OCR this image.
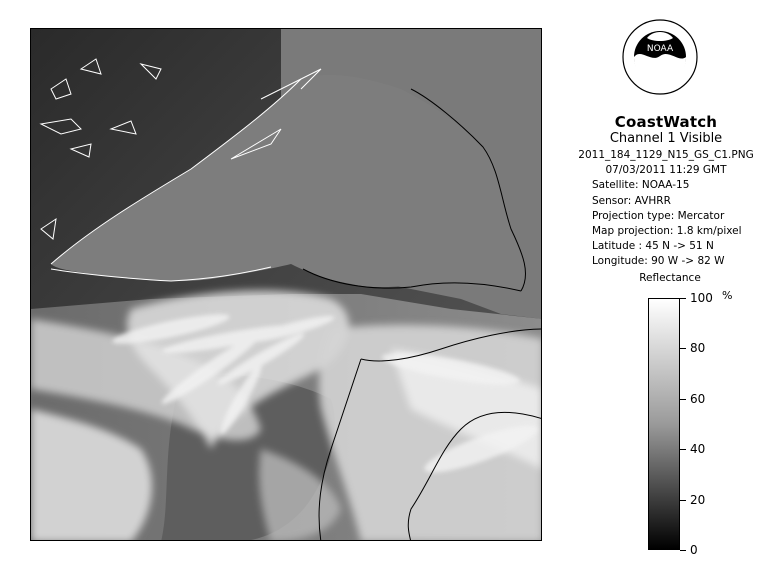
NOAA
CoastWatch
Channel 1 Visible
2011_184_1129_N15_GS_C1.PNG
07/03/2011 11:29 GMT
Satellite: NOAA-15
Sensor: AVHRR
Projection type: Mercator
Map projection: 1.8 km/pixel
Latitude : 45 N -> 51 N
Longitude: 90 W -> 82 W
Reflectance
%
100
80
60
40
20
0
